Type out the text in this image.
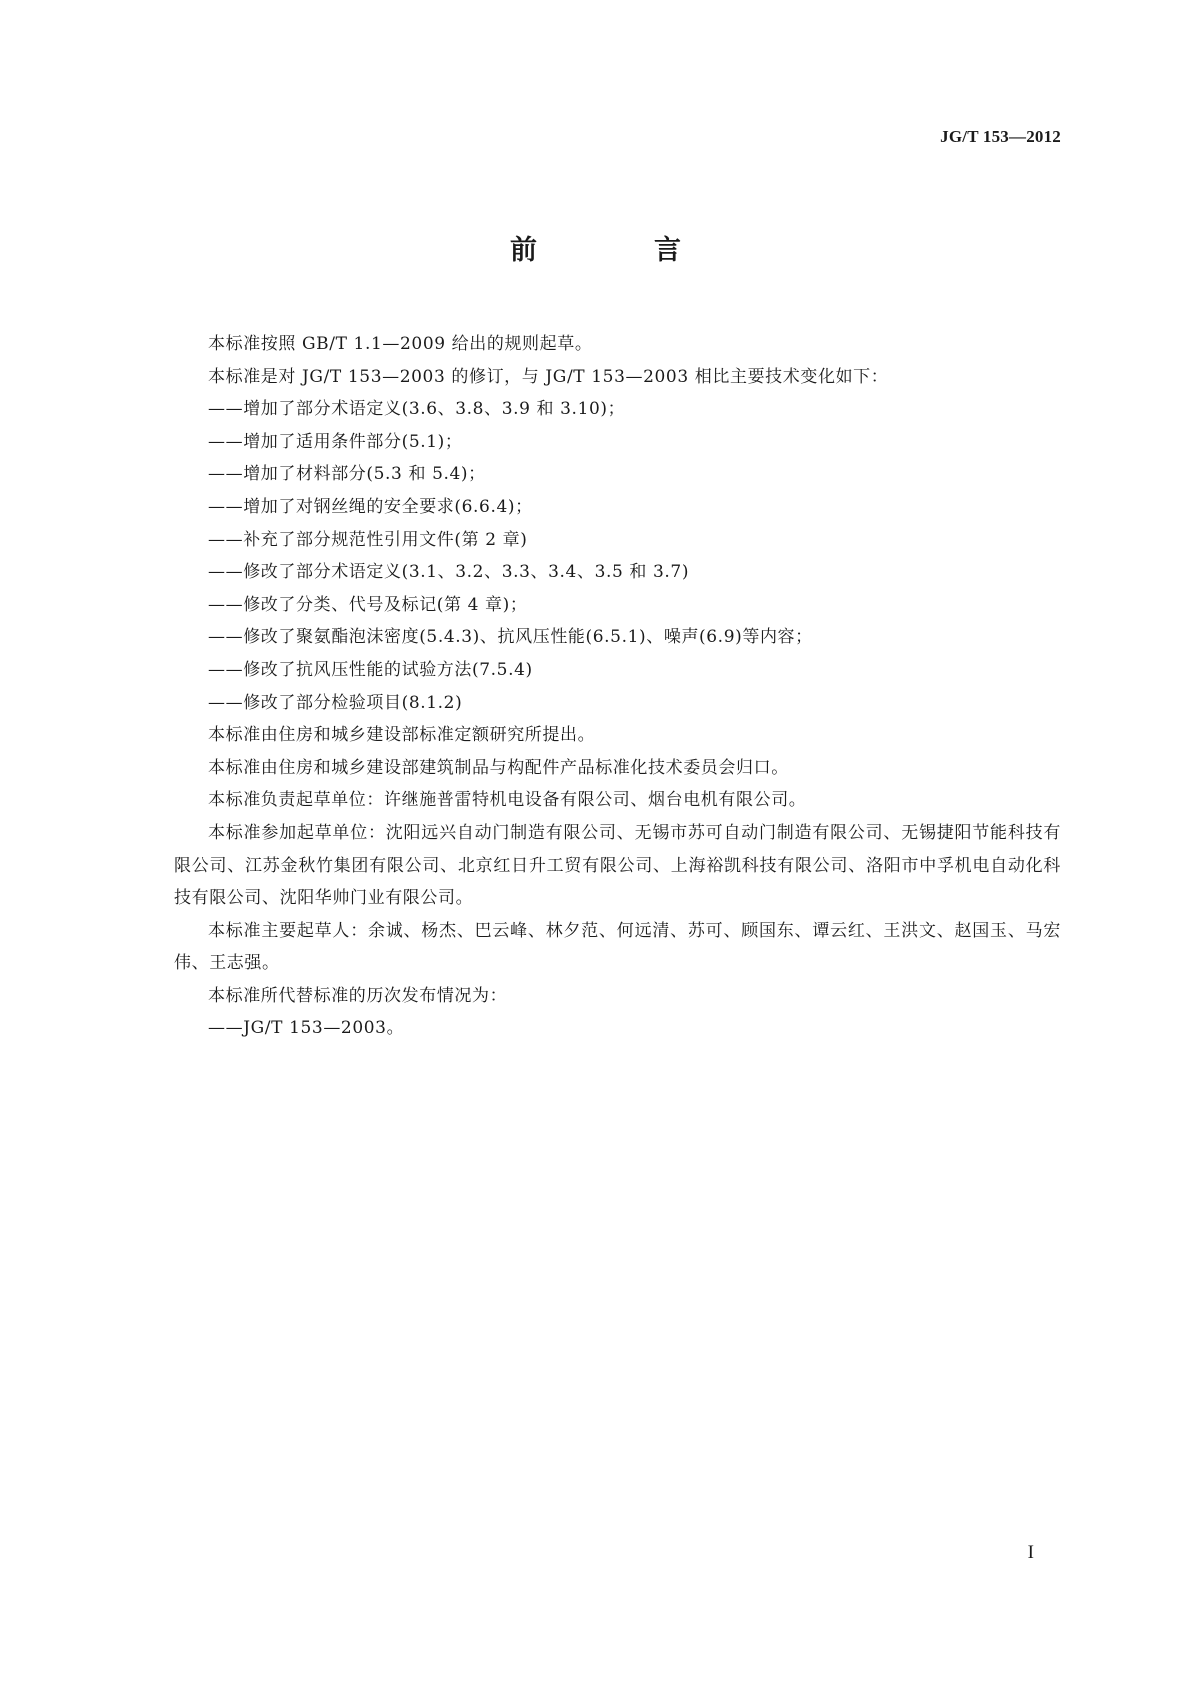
JG/T 153—2012
前　言

本标准按照 GB/T 1.1—2009 给出的规则起草。

本标准是对 JG/T 153—2003 的修订，与 JG/T 153—2003 相比主要技术变化如下：

——增加了部分术语定义(3.6、3.8、3.9 和 3.10)；

——增加了适用条件部分(5.1)；

——增加了材料部分(5.3 和 5.4)；

——增加了对钢丝绳的安全要求(6.6.4)；

——补充了部分规范性引用文件(第 2 章)

——修改了部分术语定义(3.1、3.2、3.3、3.4、3.5 和 3.7)

——修改了分类、代号及标记(第 4 章)；

——修改了聚氨酯泡沫密度(5.4.3)、抗风压性能(6.5.1)、噪声(6.9)等内容；

——修改了抗风压性能的试验方法(7.5.4)

——修改了部分检验项目(8.1.2)

本标准由住房和城乡建设部标准定额研究所提出。

本标准由住房和城乡建设部建筑制品与构配件产品标准化技术委员会归口。

本标准负责起草单位：许继施普雷特机电设备有限公司、烟台电机有限公司。

本标准参加起草单位：沈阳远兴自动门制造有限公司、无锡市苏可自动门制造有限公司、无锡捷阳节能科技有限公司、江苏金秋竹集团有限公司、北京红日升工贸有限公司、上海裕凯科技有限公司、洛阳市中孚机电自动化科技有限公司、沈阳华帅门业有限公司。

本标准主要起草人：余诚、杨杰、巴云峰、林夕范、何远清、苏可、顾国东、谭云红、王洪文、赵国玉、马宏伟、王志强。

本标准所代替标准的历次发布情况为：

——JG/T 153—2003。

I
